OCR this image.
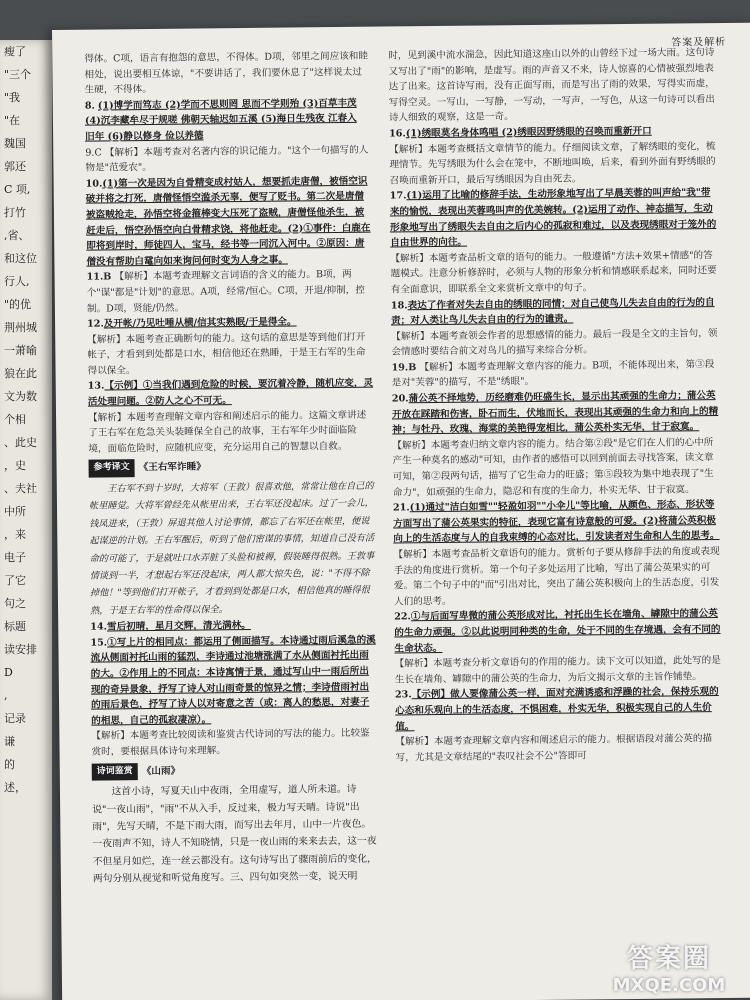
瘦了

"三个

"我

"在

魏国

郭还

C 项,

打竹

,省、

和这位

行人,

"的优

荆州城

一萧喻

狼在此

文为数

个相

、此史

，史

、夫社

中所

，来

电子

了它

句之

标题

读安排

D

,

记录

谦

的

述，

答案及解析

得体。C项，语言有抱怨的意思，不得体。D项，邻里之间应该和睦相处，说出要相互体谅，"不要讲话了，我们要休息了"这样说太过生硬，不得体。

8. (1)博学而笃志 (2)学而不思则罔 思而不学则殆 (3)百草丰茂
(4)沉李藏牟尽于规嗟 佛朝天轴迟如五溪 (5)海日生残夜 江春入
旧年 (6)静以修身 俭以养德

9.C 【解析】本题考查对名著内容的识记能力。"这个一句描写的人物是"范爱农"。

10.(1)第一次是因为自骨精变成村姑人，想要抓走唐僧，被悟空识破并将之打死，唐僧怪悟空滥杀无辜，便写了贬书。第二次是唐僧被盗贼抢走，孙悟空将金箍棒变大压死了盗贼，唐僧怪他杀生，被赶走后，悟空孙悟空向白骨精求饶，将他赶走。(2)①事件：白鹿在即将到岸时，师徒四人，宝马，经书等一同沉入河中。②原因：唐僧没有帮助白鼋向如来询问何时变为人身之事。

11.B 【解析】本题考查理解文言词语的含义的能力。B项，两个"谋"都是"计划"的意思。A项，经常/恒心。C项，开退/抑制，控制。D项，贤能/仍然。

12.及开帐/乃见吐唾从横/信其实熟眠/于是得全。
【解析】本题考查正确断句的能力。这句话的意思是等到他们打开帐子，才看到到处都是口水，相信他还在熟睡，于是王右军的生命得以保全。

13.【示例】①当我们遇到危险的时候，要沉着冷静，随机应变，灵活处理问题。②防人之心不可无。
【解析】本题考查理解文章内容和阐述启示的能力。这篇文章讲述了王右军在危急关头装睡保全自己的故事，王右军年少时面临险境，面临危险时，应随机应变，充分运用自己的智慧以自救。

参考译文 《王右军诈睡》

王右军不到十岁时，大将军（王敦）很喜欢他，常常让他在自己的帐里睡觉。大将军曾经先从帐里出来，王右军还没起床。过了一会儿，钱凤进来，（王敦）屏退其他人讨论事情，都忘了右军还在帐里，便说起谋逆的计划。王右军醒后，听到了他们密谋的事情，知道自己没有活命的可能了，于是就吐口水弄脏了头脸和被褥，假装睡得很熟。王敦事情谈到一半，才想起右军还没起床，两人都大惊失色，说："不得不除掉他！"等到他们打开帐子，才看到到处都是口水，相信他真的睡得很熟，于是王右军的性命得以保全。

14.雪后初晴，星月交辉，清光满林。

15.①写上片的相同点：都运用了侧面描写。本诗通过雨后溪急的溪流从侧面衬托山雨的猛烈，李诗通过池塘涨满了水从侧面衬托出雨的大。②作用上的不同点：本诗寓情于景，通过写山中一雨后所出现的奇异景象，抒写了诗人对山雨奇景的惊异之情；李诗借雨衬出的雨后景色，抒写了诗人以对寄意之苦（或：离人的愁思，对妻子的相思，自己的孤寂凄凉）。
【解析】本题考查比较阅读和鉴赏古代诗词的写法的能力。比较鉴赏时，要根据具体诗句来理解。

诗词鉴赏 《山雨》

这首小诗，写夏天山中夜雨，全用虚写，道人所未道。诗说"一夜山雨"，"雨"不从入手，反过来，极力写天晴。诗说"出雨"，先写天晴，不是下雨大雨，而写出去年月，山中一片夜色。一夜雨声不知，诗人不知晓情，只是一夜山雨的来来去去，这一夜不但星月如烂，连一丝云都没有。这句诗写出了骤雨前后的变化，两句分别从视觉和听觉角度写。三、四句如突然一变，说天明

时，见到溪中流水湍急，因此知道这座山以外的山曾经下过一场大雨。这句诗又写出了"雨"的影响，是虚写。雨的声音又不来，诗人惊喜的心情被强烈地表达了出来。这首诗写雨，没有正面写雨，而是写出了雨的效果，写得实而虚，写得空灵。一写山，一写静，一写动，一写声，一写色，从这一句诗可以看出诗人细致的观察，这是一奇。

16.(1)绣眼莫名身体鸣唱 (2)绣眼因野绣眼的召唤而重新开口
【解析】本题考查概括文章情节的能力。仔细阅读文章，了解绣眼的变化，梳理情节。先写绣眼为什么会在笼中，不断地叫唤，后来，看到外面有野绣眼的召唤而重新开口，最后写绣眼因为自由死去。

17.(1)运用了比喻的修辞手法，生动形象地写出了早晨芙蓉的叫声给"我"带来的愉悦，表现出芙蓉鸣叫声的优美婉转。(2)运用了动作、神态描写，生动形象地写出了绣眼失去自由之后内心的孤寂和难过，以及表现绣眼对于笼外的自由世界的向往。
【解析】本题考查品析文章的语句的能力。一般遵循"方法+效果+情感"的答题模式。注意分析修辞时，必须与人物的形象分析和情感联系起来，同时还要有全面意识，即联系全文来赏析文章中的句子。

18.表达了作者对失去自由的绣眼的同情；对自己使鸟儿失去自由的行为的自责；对人类让鸟儿失去自由的行为的谴责。
【解析】本题考查领会作者的思想感情的能力。最后一段是全文的主旨句，领会情感时要结合前文对鸟儿的描写来综合分析。

19.B 【解析】本题考查理解文章内容的能力。B项，不能体现出来，第③段是对"芙蓉"的描写，不是"绣眼"。

20.蒲公英不择地势，历经磨难仍旺盛生长，显示出其顽强的生命力；蒲公英开放在踩踏和伤害，卧石而生，伏地而长，表现出其顽强的生命力和向上的精神；与牡丹、玫瑰、海棠的美艳得宠相比，蒲公英朴实无华，甘于寂寞。
【解析】本题考查归纳文章内容的能力。结合第②段"是它们在人们的心中所产生一种莫名的感动"可知，由作者的感悟可以回到前面去寻找答案，读文章可知，第②段两句话，描写了它生命力的旺盛；第⑤段较为集中地表现了"生命力"，如顽强的生命力，隐忍和有度的生命力，朴实无华、甘于寂寞。

21.(1)通过"洁白如雪""轻盈如羽""小伞儿"等比喻，从颜色、形态、形状等方面写出了蒲公英果实的特征，表现它富有诗意般的可爱。(2)将蒲公英积极向上的生活态度与人的自我束缚的心态对比，引发读者对生命和人生的思考。
【解析】本题考查品析文章语句的能力。赏析句子要从修辞手法的角度或表现手法的角度进行赏析。第一个句子多处运用了比喻，写出了蒲公英果实的可爱。第二个句子中的"而"引出对比，突出了蒲公英积极向上的生活态度，引发人们的思考。

22.①与后面写卑微的蒲公英形成对比，衬托出生长在墙角、罅隙中的蒲公英的生命力顽强。②以此说明同种类的生命，处于不同的生存境遇，会有不同的生命状态。
【解析】本题考查分析文章语句的作用的能力。读下文可以知道，此处写的是生长在墙角、罅隙中的蒲公英的生命力，为后文揭示文章的主旨作铺垫。

23.【示例】做人要像蒲公英一样，面对充满诱惑和浮躁的社会，保持乐观的心态和乐观向上的生活态度，不惧困难，朴实无华，积极实现自己的人生价值。
【解析】本题考查理解文章内容和阐述启示的能力。根据语段对蒲公英的描写，尤其是文章结尾的"表叹社会不公"答即可

答案圈
MXQE.COM
